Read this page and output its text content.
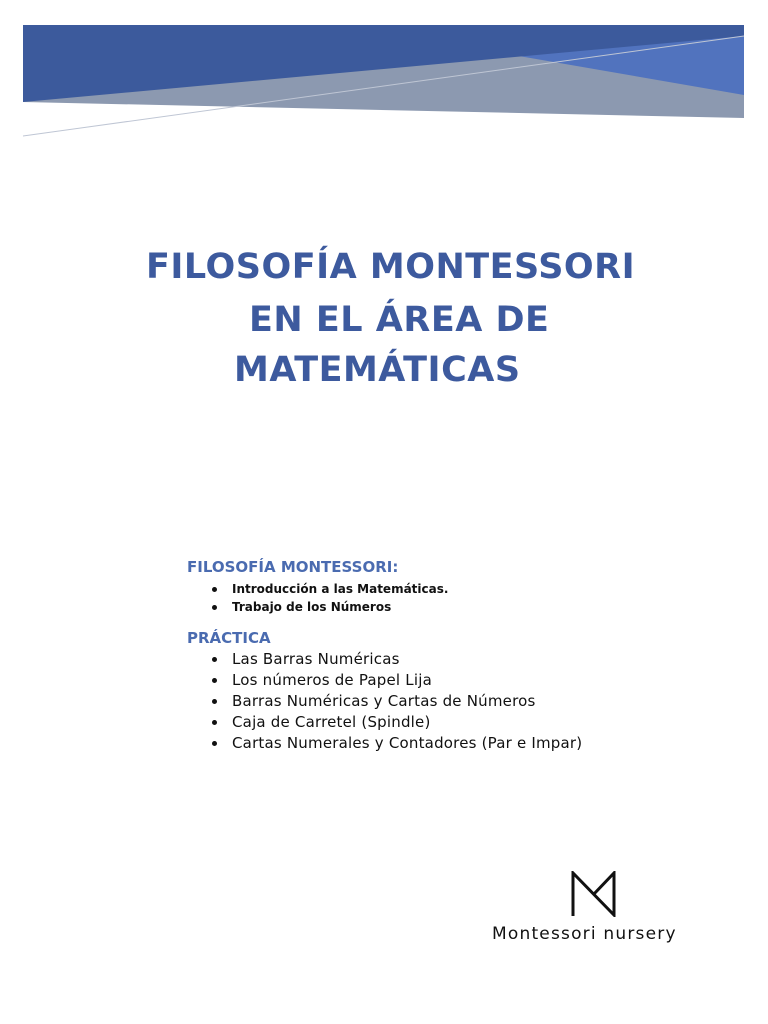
FILOSOFÍA MONTESSORI
EN EL ÁREA DE
MATEMÁTICAS
FILOSOFÍA MONTESSORI:
Introducción a las Matemáticas.
Trabajo de los Números
PRÁCTICA
Las Barras Numéricas
Los números de Papel Lija
Barras Numéricas y Cartas de Números
Caja de Carretel (Spindle)
Cartas Numerales y Contadores (Par e Impar)

Montessori nursery
